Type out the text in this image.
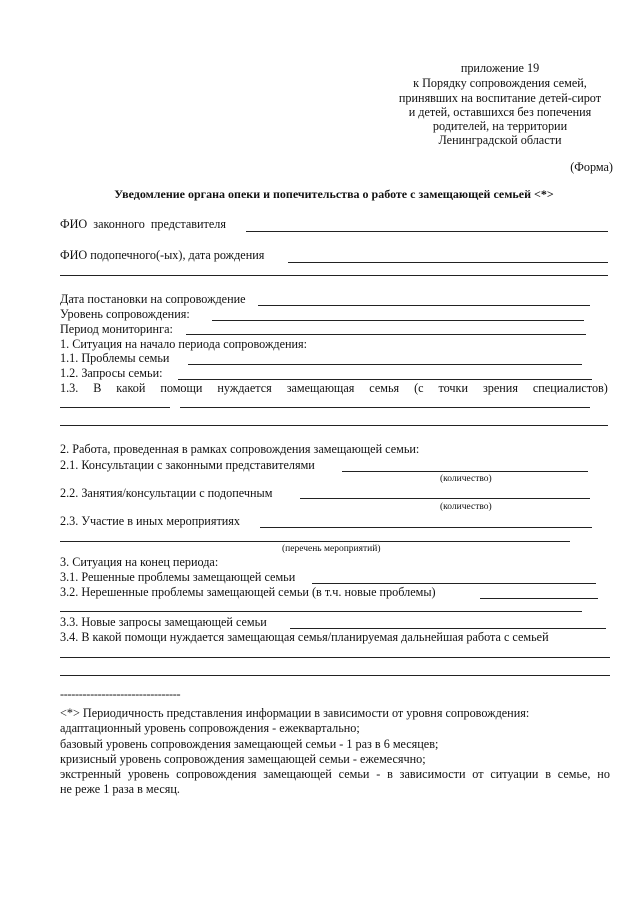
приложение 19
к Порядку сопровождения семей,
принявших на воспитание детей-сирот
и детей, оставшихся без попечения
родителей, на территории
Ленинградской области
(Форма)
Уведомление органа опеки и попечительства о работе с замещающей семьей <*>
ФИО законного представителя
ФИО подопечного(-ых), дата рождения
Дата постановки на сопровождение
Уровень сопровождения:
Период мониторинга:
1. Ситуация на начало периода сопровождения:
1.1. Проблемы семьи
1.2. Запросы семьи:
1.3. В какой помощи нуждается замещающая семья (с точки зрения специалистов)
2. Работа, проведенная в рамках сопровождения замещающей семьи:
2.1. Консультации с законными представителями
(количество)
2.2. Занятия/консультации с подопечным
(количество)
2.3. Участие в иных мероприятиях
(перечень мероприятий)
3. Ситуация на конец периода:
3.1. Решенные проблемы замещающей семьи
3.2. Нерешенные проблемы замещающей семьи (в т.ч. новые проблемы)
3.3. Новые запросы замещающей семьи
3.4. В какой помощи нуждается замещающая семья/планируемая дальнейшая работа с семьей
--------------------------------
<*> Периодичность представления информации в зависимости от уровня сопровождения:
адаптационный уровень сопровождения - ежеквартально;
базовый уровень сопровождения замещающей семьи - 1 раз в 6 месяцев;
кризисный уровень сопровождения замещающей семьи - ежемесячно;
экстренный уровень сопровождения замещающей семьи - в зависимости от ситуации в семье, но
не реже 1 раза в месяц.
